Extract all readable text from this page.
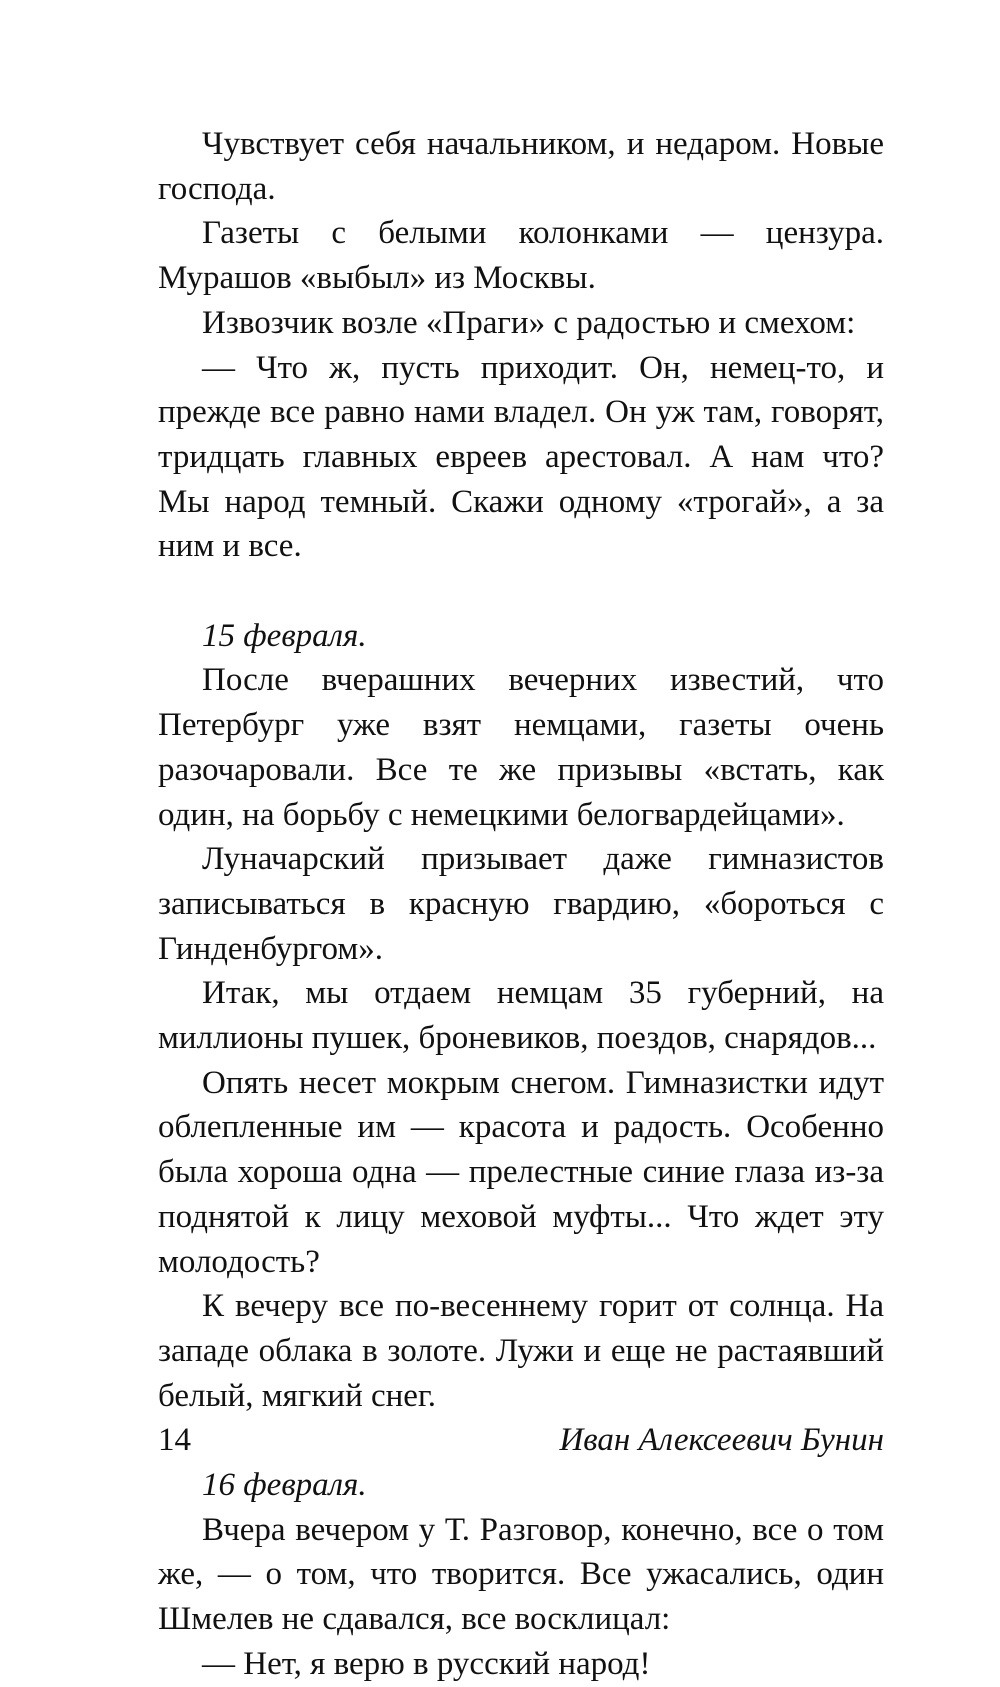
Чувствует себя начальником, и недаром. Новые господа.

Газеты с белыми колонками — цензура. Мурашов «выбыл» из Москвы.

Извозчик возле «Праги» с радостью и смехом:

— Что ж, пусть приходит. Он, немец-то, и прежде все равно нами владел. Он уж там, говорят, тридцать главных евреев арестовал. А нам что? Мы народ темный. Скажи одному «трогай», а за ним и все.

15 февраля.

После вчерашних вечерних известий, что Петербург уже взят немцами, газеты очень разочаровали. Все те же призывы «встать, как один, на борьбу с немецкими белогвардейцами».

Луначарский призывает даже гимназистов записываться в красную гвардию, «бороться с Гинденбургом».

Итак, мы отдаем немцам 35 губерний, на миллионы пушек, броневиков, поездов, снарядов...

Опять несет мокрым снегом. Гимназистки идут облепленные им — красота и радость. Особенно была хороша одна — прелестные синие глаза из-за поднятой к лицу меховой муфты... Что ждет эту молодость?

К вечеру все по-весеннему горит от солнца. На западе облака в золоте. Лужи и еще не растаявший белый, мягкий снег.

16 февраля.

Вчера вечером у Т. Разговор, конечно, все о том же, — о том, что творится. Все ужасались, один Шмелев не сдавался, все восклицал:

— Нет, я верю в русский народ!

14	Иван Алексеевич Бунин
